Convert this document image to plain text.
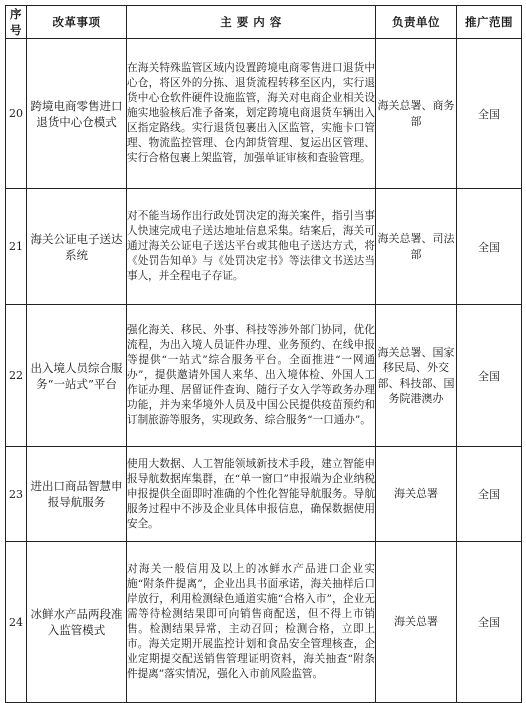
序号	改革事项	主 要 内 容	负责单位	推广范围
20	跨境电商零售进口退货中心仓模式	在海关特殊监管区域内设置跨境电商零售进口退货中心仓，将区外的分拣、退货流程转移至区内，实行退货中心仓软件硬件设施监管，海关对电商企业相关设施实地验核后准予备案，划定跨境电商退货车辆出入区指定路线。实行退货包裹出入区监管，实施卡口管理、物流监控管理、仓内卸货管理、复运出区管理、实行合格包裹上架监管，加强单证审核和查验管理。	海关总署、商务部	全国
21	海关公证电子送达系统	对不能当场作出行政处罚决定的海关案件，指引当事人快速完成电子送达地址信息采集。结案后，海关可通过海关公证电子送达平台或其他电子送达方式，将《处罚告知单》与《处罚决定书》等法律文书送达当事人，并全程电子存证。	海关总署、司法部	全国
22	出入境人员综合服务“一站式”平台	强化海关、移民、外事、科技等涉外部门协同，优化流程，为出入境人员证件办理、业务预约、在线申报等提供“一站式”综合服务平台。全面推进“一网通办”，提供邀请外国人来华、出入境体检、外国人工作证办理、居留证件查询、随行子女入学等政务办理功能，并为来华境外人员及中国公民提供疫苗预约和订制旅游等服务，实现政务、综合服务“一口通办”。	海关总署、国家移民局、外交部、科技部、国务院港澳办	全国
23	进出口商品智慧申报导航服务	使用大数据、人工智能领域新技术手段，建立智能申报导航数据库集群，在“单一窗口”申报端为企业纳税申报提供全面即时准确的个性化智能导航服务。导航服务过程中不涉及企业具体申报信息，确保数据使用安全。	海关总署	全国
24	冰鲜水产品两段准入监管模式	对海关一般信用及以上的冰鲜水产品进口企业实施“附条件提离”，企业出具书面承诺，海关抽样后口岸放行，利用检测绿色通道实施“合格入市”，企业无需等待检测结果即可向销售商配送，但不得上市销售。检测结果异常，主动召回；检测合格，立即上市。海关定期开展监控计划和食品安全管理核查，企业定期提交配送销售管理证明资料，海关抽查“附条件提离”落实情况，强化入市前风险监管。	海关总署	全国
